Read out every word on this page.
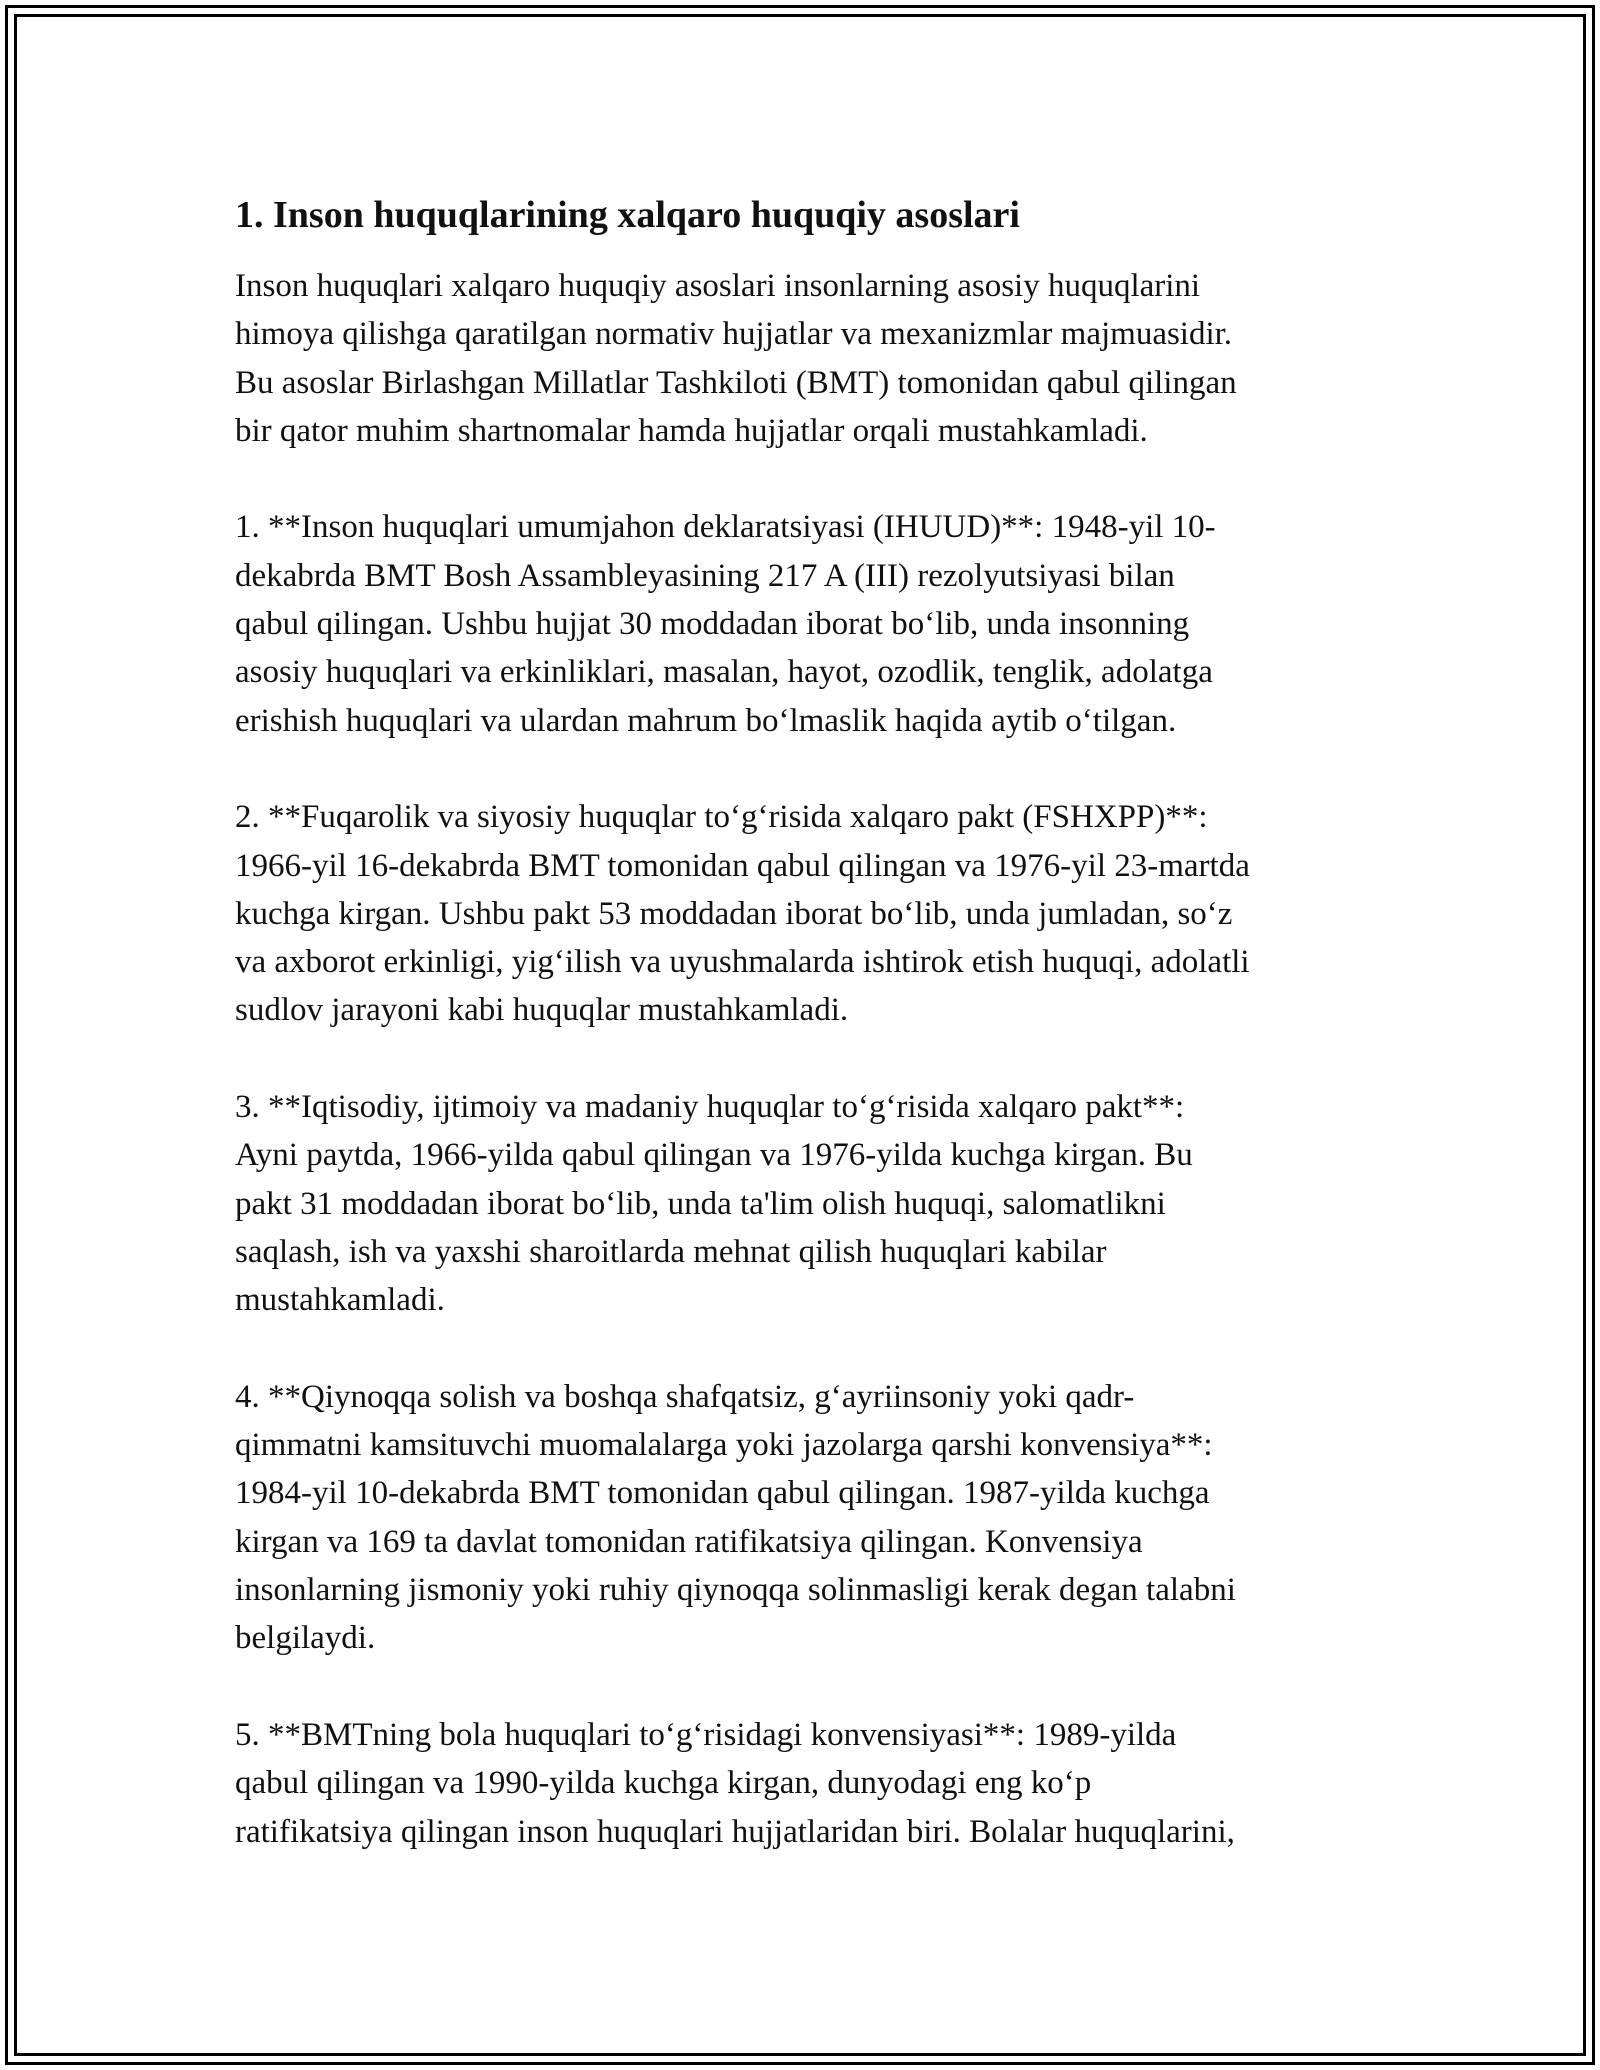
1. Inson huquqlarining xalqaro huquqiy asoslari

Inson huquqlari xalqaro huquqiy asoslari insonlarning asosiy huquqlarini
himoya qilishga qaratilgan normativ hujjatlar va mexanizmlar majmuasidir.
Bu asoslar Birlashgan Millatlar Tashkiloti (BMT) tomonidan qabul qilingan
bir qator muhim shartnomalar hamda hujjatlar orqali mustahkamladi.

1. **Inson huquqlari umumjahon deklaratsiyasi (IHUUD)**: 1948-yil 10-
dekabrda BMT Bosh Assambleyasining 217 A (III) rezolyutsiyasi bilan
qabul qilingan. Ushbu hujjat 30 moddadan iborat bo‘lib, unda insonning
asosiy huquqlari va erkinliklari, masalan, hayot, ozodlik, tenglik, adolatga
erishish huquqlari va ulardan mahrum bo‘lmaslik haqida aytib o‘tilgan.

2. **Fuqarolik va siyosiy huquqlar to‘g‘risida xalqaro pakt (FSHXPP)**:
1966-yil 16-dekabrda BMT tomonidan qabul qilingan va 1976-yil 23-martda
kuchga kirgan. Ushbu pakt 53 moddadan iborat bo‘lib, unda jumladan, so‘z
va axborot erkinligi, yig‘ilish va uyushmalarda ishtirok etish huquqi, adolatli
sudlov jarayoni kabi huquqlar mustahkamladi.

3. **Iqtisodiy, ijtimoiy va madaniy huquqlar to‘g‘risida xalqaro pakt**:
Ayni paytda, 1966-yilda qabul qilingan va 1976-yilda kuchga kirgan. Bu
pakt 31 moddadan iborat bo‘lib, unda ta'lim olish huquqi, salomatlikni
saqlash, ish va yaxshi sharoitlarda mehnat qilish huquqlari kabilar
mustahkamladi.

4. **Qiynoqqa solish va boshqa shafqatsiz, g‘ayriinsoniy yoki qadr-
qimmatni kamsituvchi muomalalarga yoki jazolarga qarshi konvensiya**:
1984-yil 10-dekabrda BMT tomonidan qabul qilingan. 1987-yilda kuchga
kirgan va 169 ta davlat tomonidan ratifikatsiya qilingan. Konvensiya
insonlarning jismoniy yoki ruhiy qiynoqqa solinmasligi kerak degan talabni
belgilaydi.

5. **BMTning bola huquqlari to‘g‘risidagi konvensiyasi**: 1989-yilda
qabul qilingan va 1990-yilda kuchga kirgan, dunyodagi eng ko‘p
ratifikatsiya qilingan inson huquqlari hujjatlaridan biri. Bolalar huquqlarini,
